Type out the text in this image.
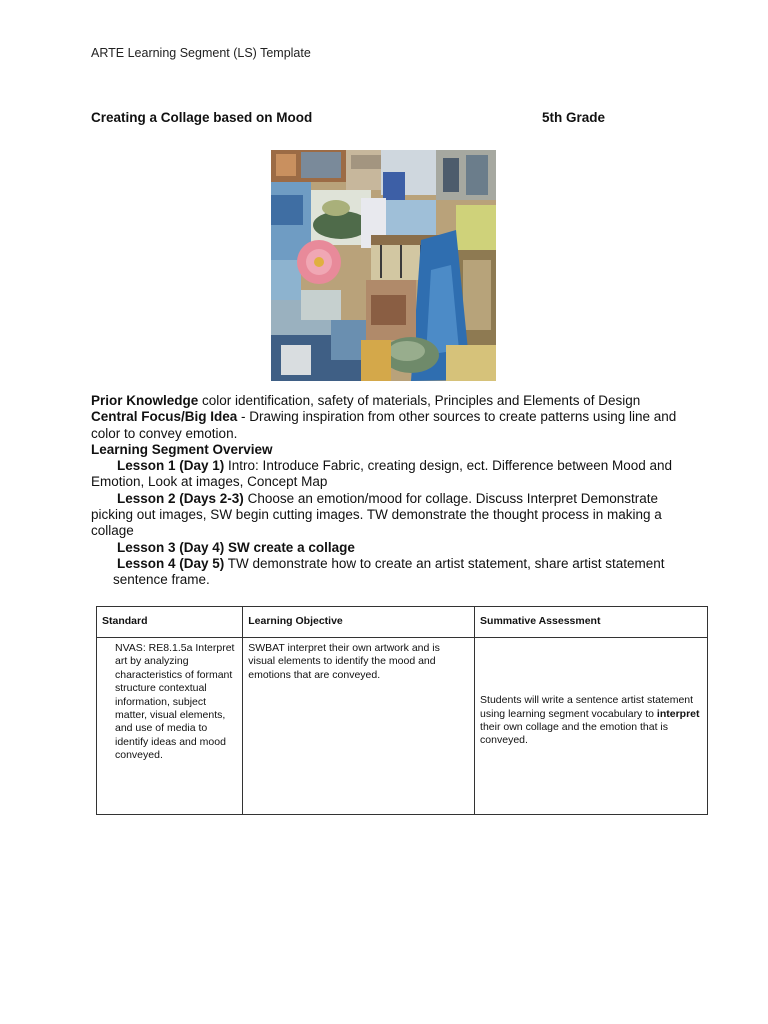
ARTE Learning Segment (LS) Template
Creating a Collage based on Mood	5th Grade

Prior Knowledge color identification, safety of materials, Principles and Elements of Design

Central Focus/Big Idea - Drawing inspiration from other sources to create patterns using line and color to convey emotion.

Learning Segment Overview

Lesson 1 (Day 1) Intro: Introduce Fabric, creating design, ect. Difference between Mood and Emotion, Look at images, Concept Map

Lesson 2 (Days 2-3) Choose an emotion/mood for collage. Discuss Interpret Demonstrate picking out images, SW begin cutting images. TW demonstrate the thought process in making a collage

Lesson 3 (Day 4) SW create a collage

Lesson 4 (Day 5) TW demonstrate how to create an artist statement, share artist statement

sentence frame.

Standard	Learning Objective	Summative Assessment
NVAS: RE8.1.5a Interpret art by analyzing characteristics of formant structure contextual information, subject matter, visual elements, and use of media to identify ideas and mood conveyed.	SWBAT interpret their own artwork and is visual elements to identify the mood and emotions that are conveyed.	Students will write a sentence artist statement using learning segment vocabulary to interpret their own collage and the emotion that is conveyed.
